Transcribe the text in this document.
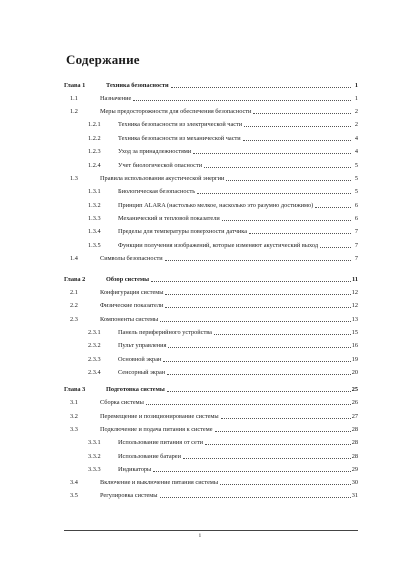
Содержание
Глава 1	Техника безопасности	1
1.1	Назначение	1
1.2	Меры предосторожности для обеспечения безопасности	2
1.2.1	Техника безопасности из электрической части	2
1.2.2	Техника безопасности из механической части	4
1.2.3	Уход за принадлежностями	4
1.2.4	Учет биологической опасности	5
1.3	Правила использования акустической энергии	5
1.3.1	Биологическая безопасность	5
1.3.2	Принцип ALARA (настолько мелкое, насколько это разумно достижимо)	6
1.3.3	Механический и тепловой показатели	6
1.3.4	Пределы для температуры поверхности датчика	7
1.3.5	Функции получения изображений, которые изменяют акустический выход	7
1.4	Символы безопасности	7
Глава 2	Обзор системы	11
2.1	Конфигурация системы	12
2.2	Физические показатели	12
2.3	Компоненты системы	13
2.3.1	Панель периферийного устройства	15
2.3.2	Пульт управления	16
2.3.3	Основной экран	19
2.3.4	Сенсорный экран	20
Глава 3	Подготовка системы	25
3.1	Сборка системы	26
3.2	Перемещение и позиционирование системы	27
3.3	Подключение и подача питания к системе	28
3.3.1	Использование питания от сети	28
3.3.2	Использование батареи	28
3.3.3	Индикаторы	29
3.4	Включение и выключение питания системы	30
3.5	Регулировка системы	31
i
